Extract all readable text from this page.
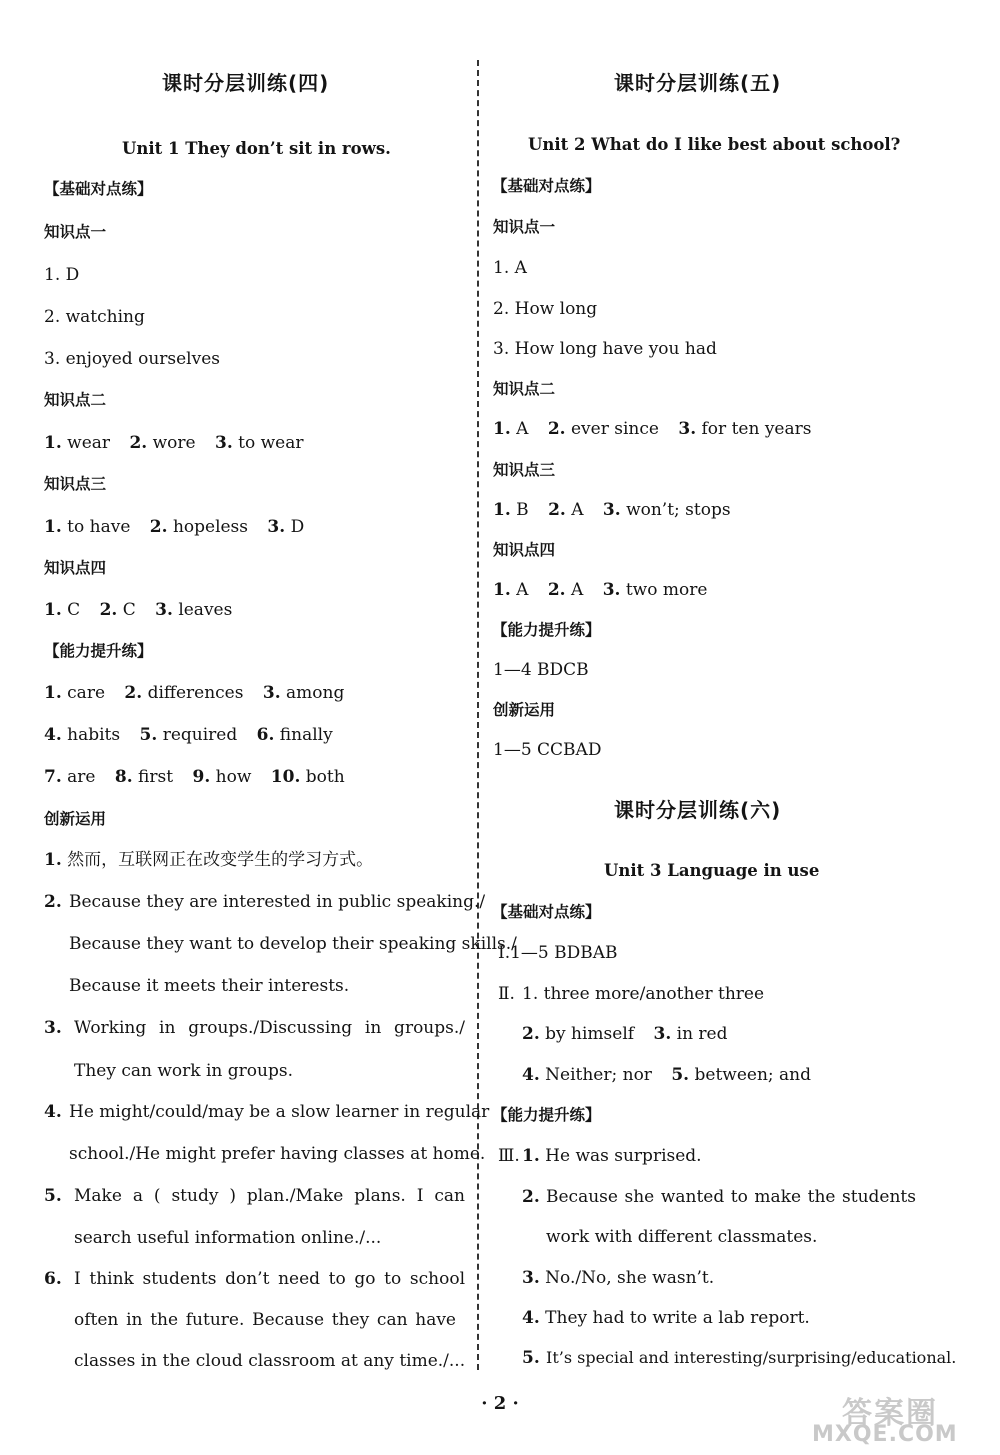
课时分层训练(四)
Unit 1 They don’t sit in rows.
【基础对点练】
知识点一
1. D
2. watching
3. enjoyed ourselves
知识点二
1. wear 2. wore 3. to wear
知识点三
1. to have 2. hopeless 3. D
知识点四
1. C 2. C 3. leaves
【能力提升练】
1. care 2. differences 3. among
4. habits 5. required 6. finally
7. are 8. first 9. how 10. both
创新运用
1. 然而，互联网正在改变学生的学习方式。
2. Because they are interested in public speaking./
Because they want to develop their speaking skills./
Because it meets their interests.
3. Working in groups./Discussing in groups./
They can work in groups.
4. He might/could/may be a slow learner in regular
school./He might prefer having classes at home.
5. Make a ( study ) plan./Make plans. I can
search useful information online./...
6. I think students don’t need to go to school
often in the future. Because they can have
classes in the cloud classroom at any time./...
课时分层训练(五)
Unit 2 What do I like best about school?
【基础对点练】
知识点一
1. A
2. How long
3. How long have you had
知识点二
1. A 2. ever since 3. for ten years
知识点三
1. B 2. A 3. won’t; stops
知识点四
1. A 2. A 3. two more
【能力提升练】
1—4 BDCB
创新运用
1—5 CCBAD
课时分层训练(六)
Unit 3 Language in use
【基础对点练】
Ⅰ.1—5 BDBAB
Ⅱ. 1. three more/another three
2. by himself 3. in red
4. Neither; nor 5. between; and
【能力提升练】
Ⅲ. 1. He was surprised.
2. Because she wanted to make the students
work with different classmates.
3. No./No, she wasn’t.
4. They had to write a lab report.
5. It’s special and interesting/surprising/educational.
· 2 ·	答案圈
MXQE.COM
